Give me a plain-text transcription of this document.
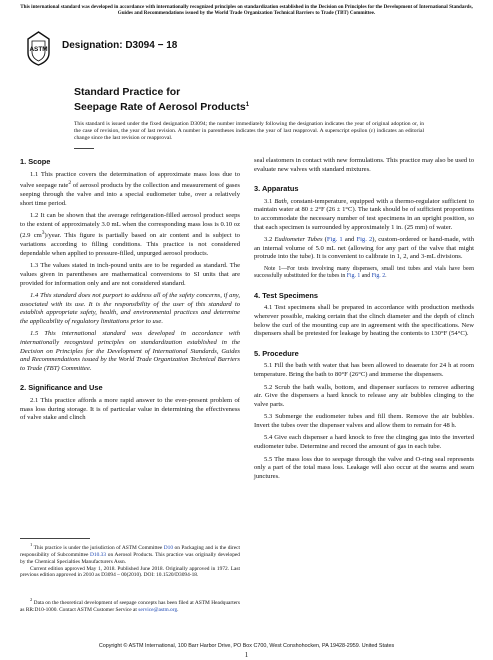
This international standard was developed in accordance with internationally recognized principles on standardization established in the Decision on Principles for the Development of International Standards, Guides and Recommendations issued by the World Trade Organization Technical Barriers to Trade (TBT) Committee.
ASTM Designation: D3094 − 18
Standard Practice for
Seepage Rate of Aerosol Products$^1$
This standard is issued under the fixed designation D3094; the number immediately following the designation indicates the year of original adoption or, in the case of revision, the year of last revision. A number in parentheses indicates the year of last reapproval. A superscript epsilon (ε) indicates an editorial change since the last revision or reapproval.
1. Scope
1.1 This practice covers the determination of approximate mass loss due to valve seepage rate$^2$ of aerosol products by the collection and measurement of gases seeping through the valve and into a special eudiometer tube, over a relatively short time period.
1.2 It can be shown that the average refrigeration-filled aerosol product seeps to the extent of approximately 3.0 mL when the corresponding mass loss is 0.10 oz (2.9 $cm^3$)/year. This figure is partially based on air content and is subject to variations according to filling conditions. This practice is not considered dependable when applied to pressure-filled, unpurged aerosol products.
1.3 The values stated in inch-pound units are to be regarded as standard. The values given in parentheses are mathematical conversions to SI units that are provided for information only and are not considered standard.
1.4 This standard does not purport to address all of the safety concerns, if any, associated with its use. It is the responsibility of the user of this standard to establish appropriate safety, health, and environmental practices and determine the applicability of regulatory limitations prior to use.
1.5 This international standard was developed in accordance with internationally recognized principles on standardization established in the Decision on Principles for the Development of International Standards, Guides and Recommendations issued by the World Trade Organization Technical Barriers to Trade (TBT) Committee.
2. Significance and Use
2.1 This practice affords a more rapid answer to the ever-present problem of mass loss during storage. It is of particular value in determining the effectiveness of valve stake and clinch
seal elastomers in contact with new formulations. This practice may also be used to evaluate new valves with standard mixtures.
3. Apparatus
3.1 Bath, constant-temperature, equipped with a thermo-regulator sufficient to maintain water at 80 ± 2°F (26 ± 1°C). The tank should be of sufficient proportions to accommodate the necessary number of test specimens in an upright position, so that each specimen is surrounded by approximately 1 in. (25 mm) of water.
3.2 Eudiometer Tubes (Fig. 1 and Fig. 2), custom-ordered or hand-made, with an internal volume of 5.0 mL net (allowing for any part of the valve that might protrude into the tube). It is convenient to calibrate in 1, 2, and 3-mL divisions.
Note 1—For tests involving many dispensers, small test tubes and vials have been successfully substituted for the tubes in Fig. 1 and Fig. 2.
4. Test Specimens
4.1 Test specimens shall be prepared in accordance with production methods wherever possible, making certain that the clinch diameter and the depth of clinch below the curl of the mounting cup are in agreement with the specifications. New dispensers shall be pretested for leakage by heating the contents to 130°F (54°C).
5. Procedure
5.1 Fill the bath with water that has been allowed to deaerate for 24 h at room temperature. Bring the bath to 80°F (26°C) and immerse the dispensers.
5.2 Scrub the bath walls, bottom, and dispenser surfaces to remove adhering air. Give the dispensers a hard knock to release any air bubbles clinging to the valve parts.
5.3 Submerge the eudiometer tubes and fill them. Remove the air bubbles. Invert the tubes over the dispenser valves and allow them to remain for 48 h.
5.4 Give each dispenser a hard knock to free the clinging gas into the inverted eudiometer tube. Determine and record the amount of gas in each tube.
5.5 The mass loss due to seepage through the valve and O-ring seal represents only a part of the total mass loss. Leakage will also occur at the seams and seam junctures.
$^1$ This practice is under the jurisdiction of ASTM Committee D10 on Packaging and is the direct responsibility of Subcommittee D10.33 on Aerosol Products. This practice was originally developed by the Chemical Specialties Manufacturers Assn.
Current edition approved May 1, 2018. Published June 2018. Originally approved in 1972. Last previous edition approved in 2010 as D3094 – 00(2010). DOI: 10.1520/D3094-18.
$^2$ Data on the theoretical development of seepage concepts has been filed at ASTM Headquarters as RR:D10-1000. Contact ASTM Customer Service at service@astm.org.
Copyright © ASTM International, 100 Barr Harbor Drive, PO Box C700, West Conshohocken, PA 19428-2959. United States
1
